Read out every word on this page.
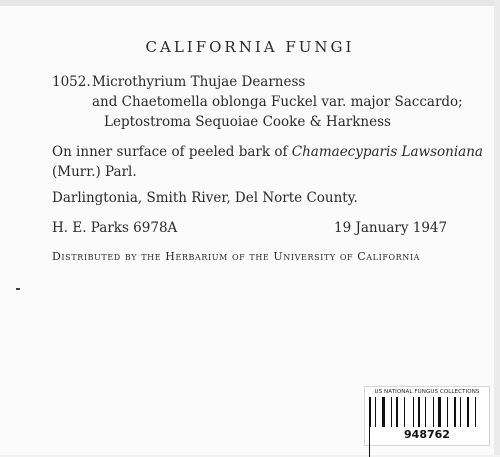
CALIFORNIA FUNGI
1052. Microthyrium Thujae Dearness
and Chaetomella oblonga Fuckel var. major Saccardo;
Leptostroma Sequoiae Cooke & Harkness
On inner surface of peeled bark of Chamaecyparis Lawsoniana
(Murr.) Parl.
Darlingtonia, Smith River, Del Norte County.
H. E. Parks 6978A	19 January 1947
Distributed by the Herbarium of the University of California
US NATIONAL FUNGUS COLLECTIONS
948762
